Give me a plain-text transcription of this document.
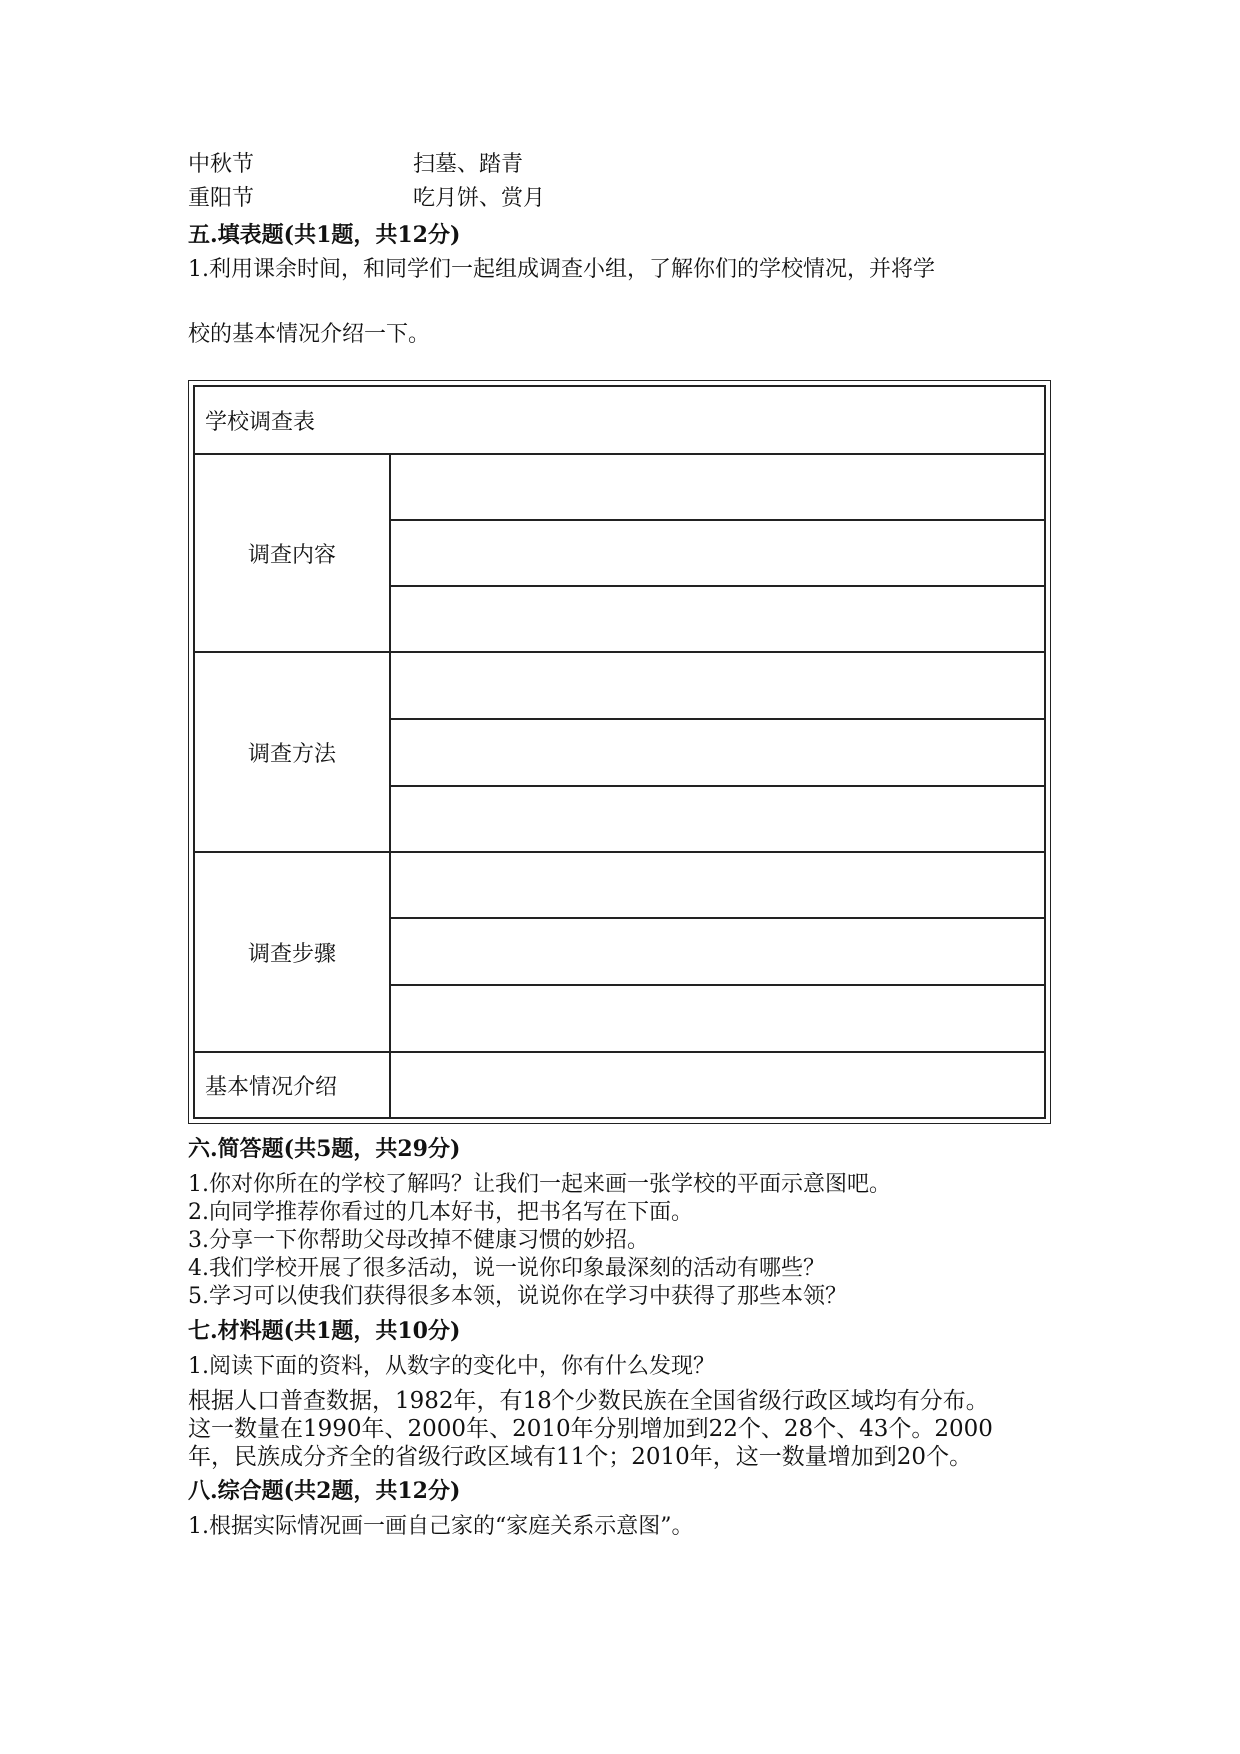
中秋节	扫墓、踏青
重阳节	吃月饼、赏月
五.填表题(共1题，共12分)
1.利用课余时间，和同学们一起组成调查小组，了解你们的学校情况，并将学
校的基本情况介绍一下。
学校调查表
调查内容
调查方法
调查步骤
基本情况介绍
六.简答题(共5题，共29分)
1.你对你所在的学校了解吗？让我们一起来画一张学校的平面示意图吧。
2.向同学推荐你看过的几本好书，把书名写在下面。
3.分享一下你帮助父母改掉不健康习惯的妙招。
4.我们学校开展了很多活动，说一说你印象最深刻的活动有哪些？
5.学习可以使我们获得很多本领，说说你在学习中获得了那些本领？
七.材料题(共1题，共10分)
1.阅读下面的资料，从数字的变化中，你有什么发现？
根据人口普查数据，1982年，有18个少数民族在全国省级行政区域均有分布。
这一数量在1990年、2000年、2010年分别增加到22个、28个、43个。2000
年，民族成分齐全的省级行政区域有11个；2010年，这一数量增加到20个。
八.综合题(共2题，共12分)
1.根据实际情况画一画自己家的“家庭关系示意图”。
